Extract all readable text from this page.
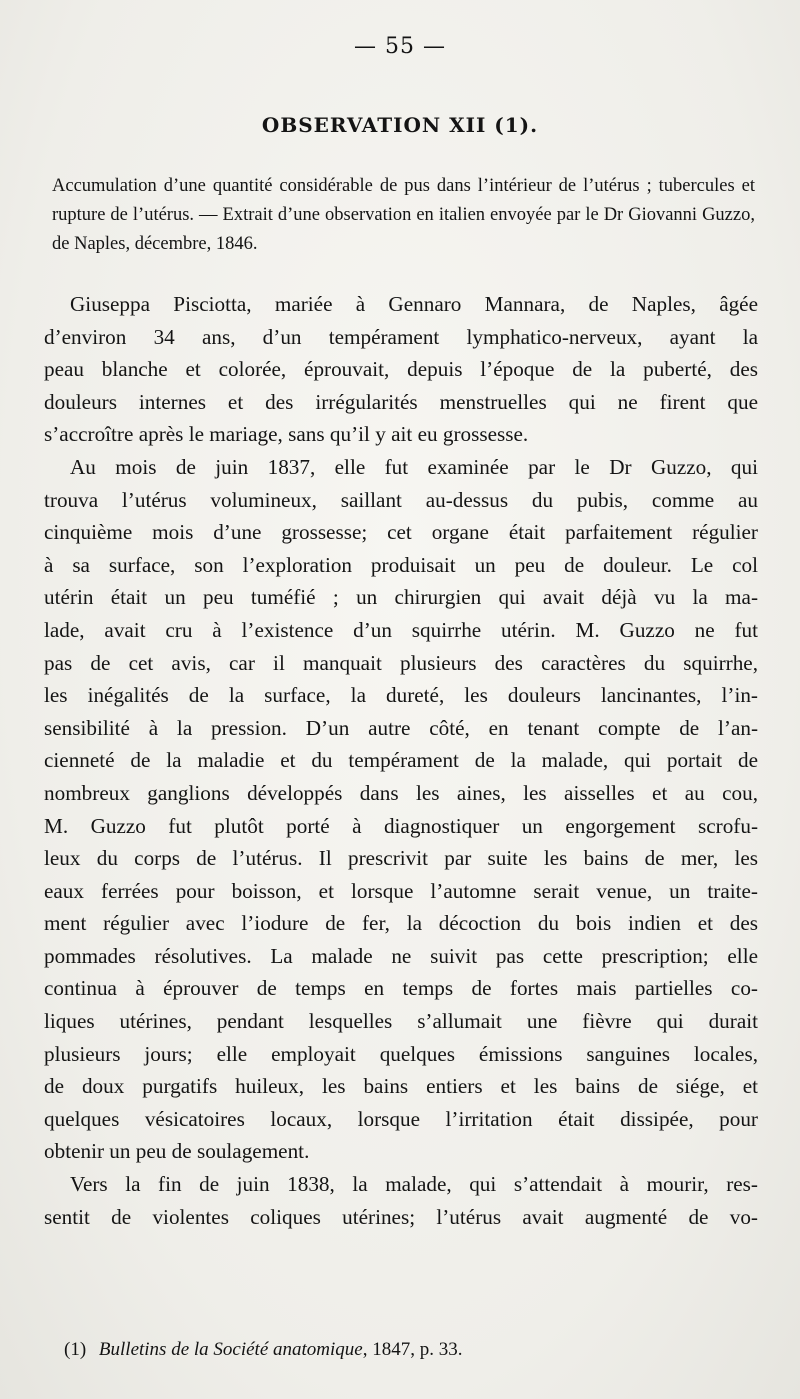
— 55 —
OBSERVATION XII (1).
Accumulation d’une quantité considérable de pus dans l’intérieur de l’utérus ; tubercules et rupture de l’utérus. — Extrait d’une observation en italien envoyée par le Dr Giovanni Guzzo, de Naples, décembre, 1846.
Giuseppa Pisciotta, mariée à Gennaro Mannara, de Naples, âgée
d’environ 34 ans, d’un tempérament lymphatico-nerveux, ayant la
peau blanche et colorée, éprouvait, depuis l’époque de la puberté, des
douleurs internes et des irrégularités menstruelles qui ne firent que
s’accroître après le mariage, sans qu’il y ait eu grossesse.
Au mois de juin 1837, elle fut examinée par le Dr Guzzo, qui
trouva l’utérus volumineux, saillant au-dessus du pubis, comme au
cinquième mois d’une grossesse; cet organe était parfaitement régulier
à sa surface, son l’exploration produisait un peu de douleur. Le col
utérin était un peu tuméfié ; un chirurgien qui avait déjà vu la ma-
lade, avait cru à l’existence d’un squirrhe utérin. M. Guzzo ne fut
pas de cet avis, car il manquait plusieurs des caractères du squirrhe,
les inégalités de la surface, la dureté, les douleurs lancinantes, l’in-
sensibilité à la pression. D’un autre côté, en tenant compte de l’an-
cienneté de la maladie et du tempérament de la malade, qui portait de
nombreux ganglions développés dans les aines, les aisselles et au cou,
M. Guzzo fut plutôt porté à diagnostiquer un engorgement scrofu-
leux du corps de l’utérus. Il prescrivit par suite les bains de mer, les
eaux ferrées pour boisson, et lorsque l’automne serait venue, un traite-
ment régulier avec l’iodure de fer, la décoction du bois indien et des
pommades résolutives. La malade ne suivit pas cette prescription; elle
continua à éprouver de temps en temps de fortes mais partielles co-
liques utérines, pendant lesquelles s’allumait une fièvre qui durait
plusieurs jours; elle employait quelques émissions sanguines locales,
de doux purgatifs huileux, les bains entiers et les bains de siége, et
quelques vésicatoires locaux, lorsque l’irritation était dissipée, pour
obtenir un peu de soulagement.
Vers la fin de juin 1838, la malade, qui s’attendait à mourir, res-
sentit de violentes coliques utérines; l’utérus avait augmenté de vo-
(1) Bulletins de la Société anatomique, 1847, p. 33.
